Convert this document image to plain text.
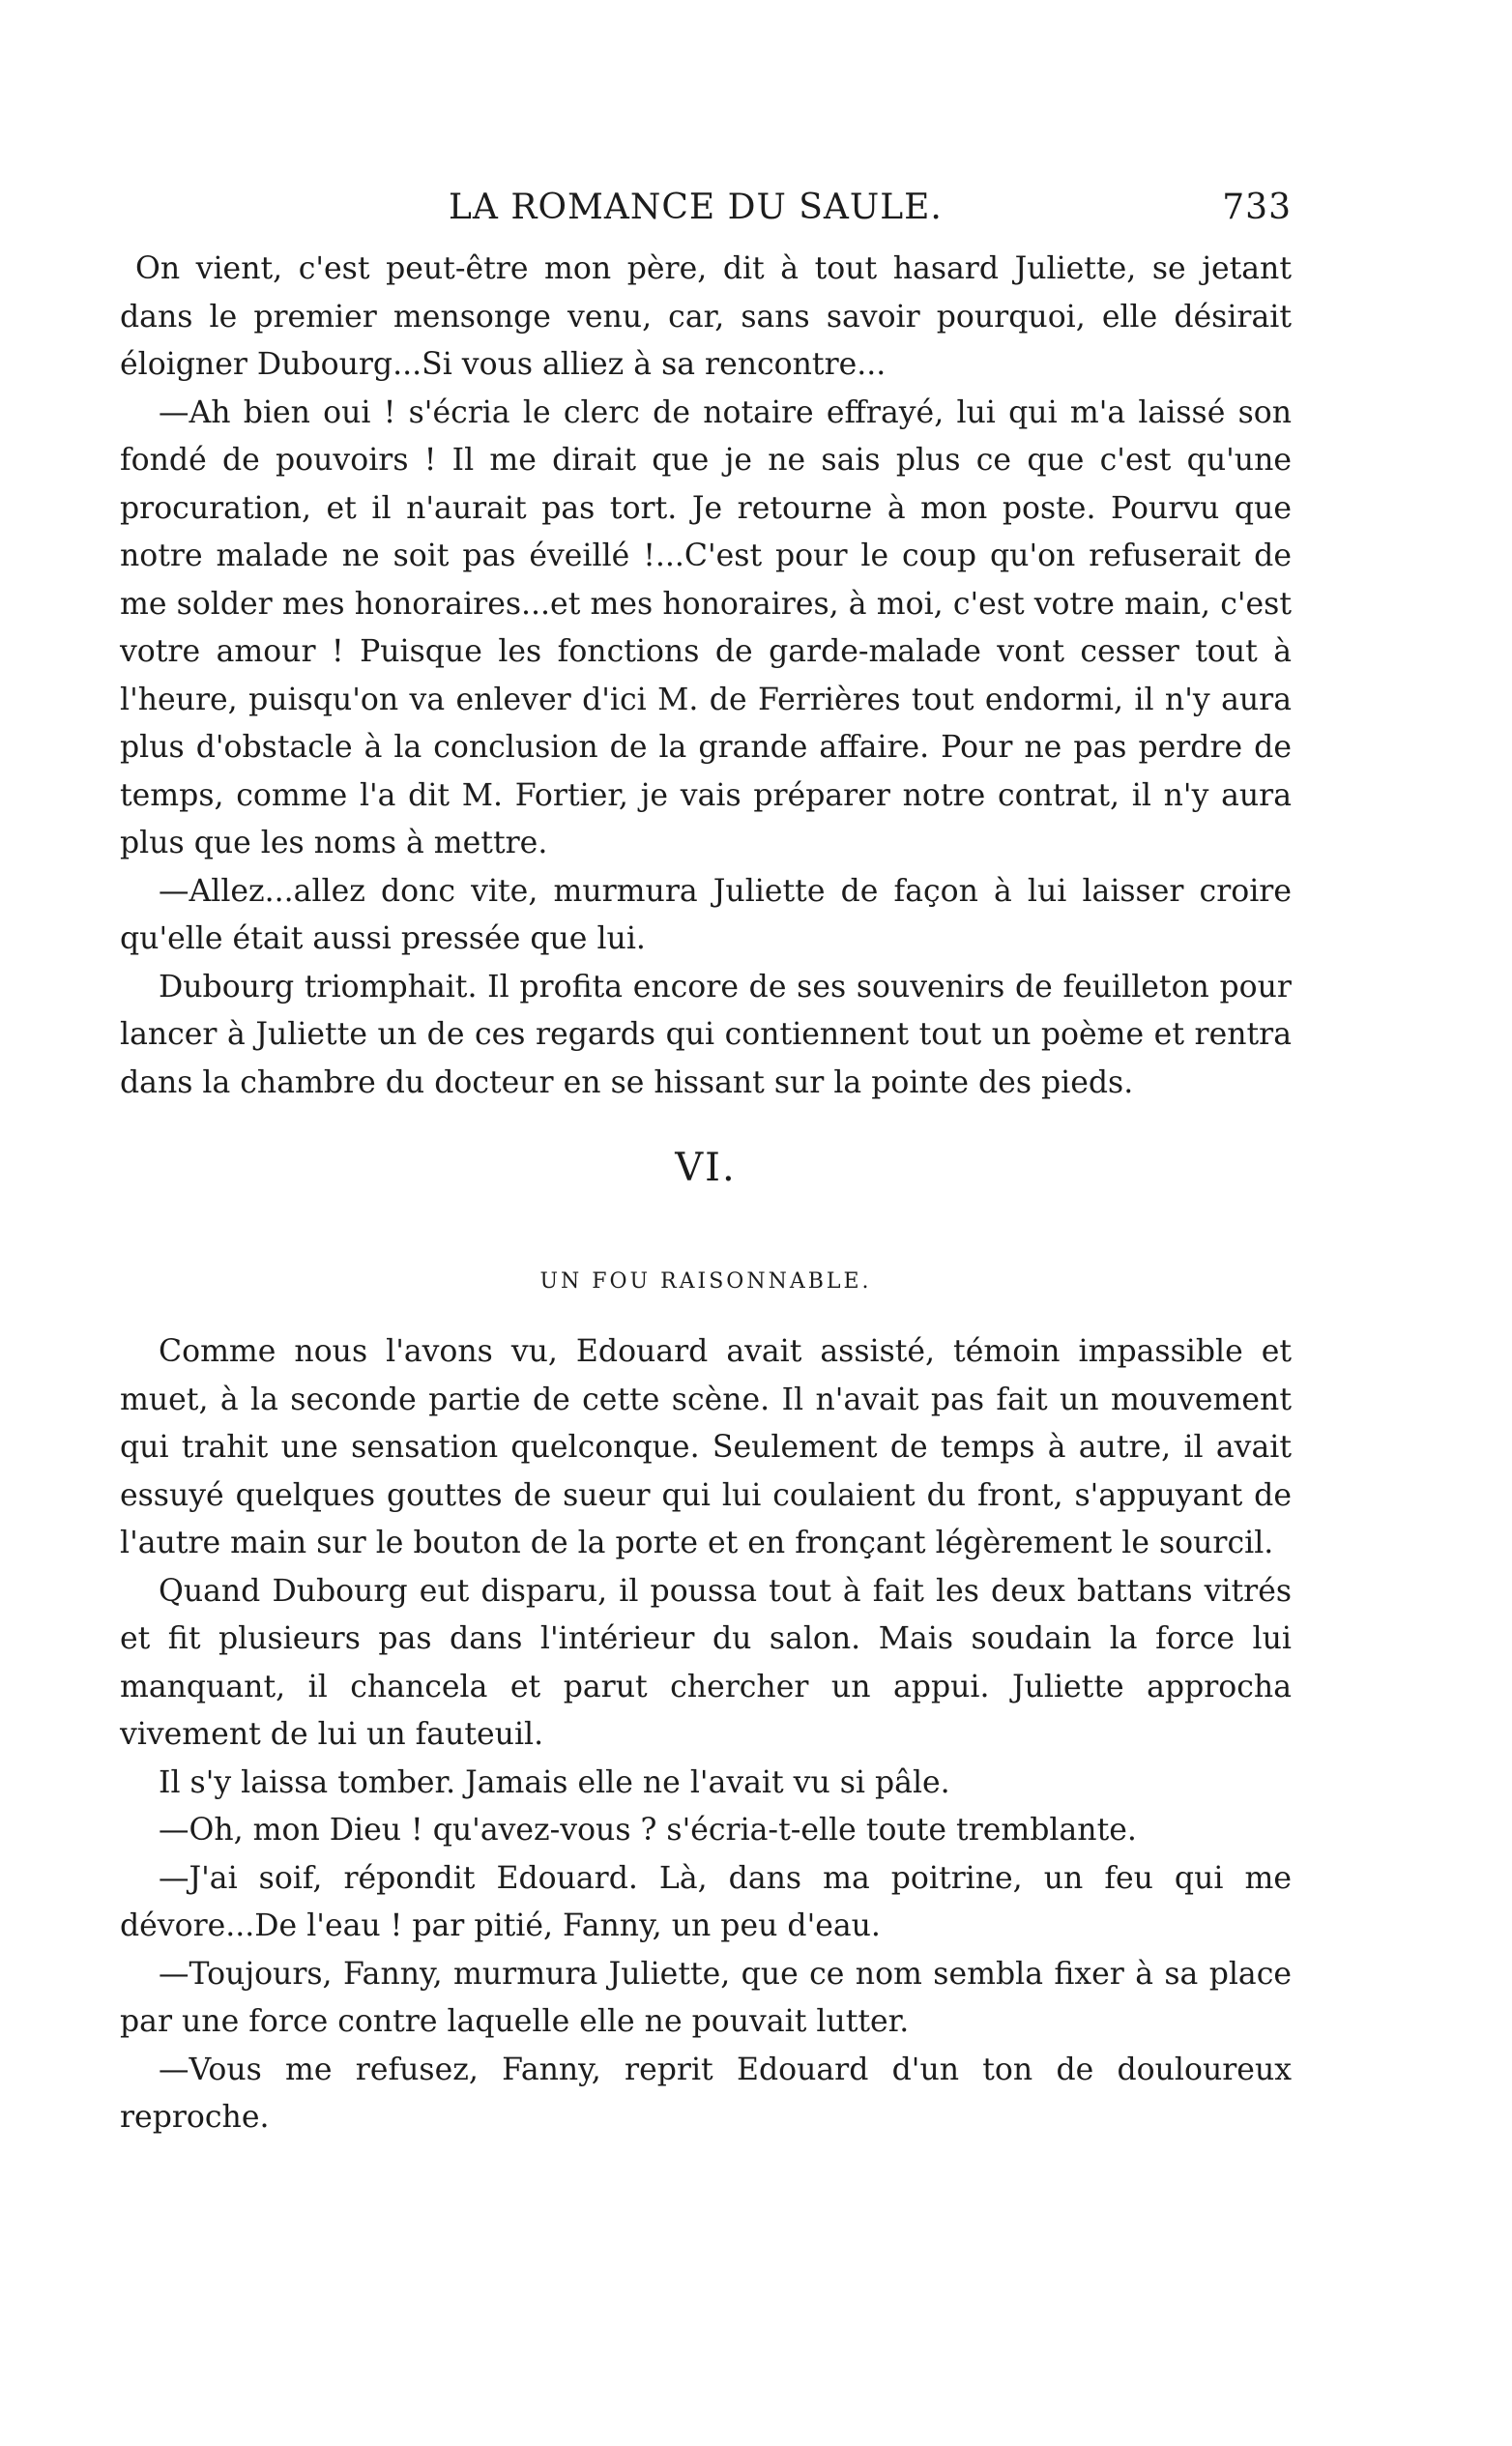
LA ROMANCE DU SAULE.	733

On vient, c'est peut-être mon père, dit à tout hasard Juliette, se jetant dans le premier mensonge venu, car, sans savoir pourquoi, elle désirait éloigner Dubourg...Si vous alliez à sa rencontre...

—Ah bien oui ! s'écria le clerc de notaire effrayé, lui qui m'a laissé son fondé de pouvoirs ! Il me dirait que je ne sais plus ce que c'est qu'une procuration, et il n'aurait pas tort. Je retourne à mon poste. Pourvu que notre malade ne soit pas éveillé !...C'est pour le coup qu'on refuserait de me solder mes honoraires...et mes honoraires, à moi, c'est votre main, c'est votre amour ! Puisque les fonctions de garde-malade vont cesser tout à l'heure, puisqu'on va enlever d'ici M. de Ferrières tout endormi, il n'y aura plus d'obstacle à la conclusion de la grande affaire. Pour ne pas perdre de temps, comme l'a dit M. Fortier, je vais préparer notre contrat, il n'y aura plus que les noms à mettre.

—Allez...allez donc vite, murmura Juliette de façon à lui laisser croire qu'elle était aussi pressée que lui.

Dubourg triomphait. Il profita encore de ses souvenirs de feuilleton pour lancer à Juliette un de ces regards qui contiennent tout un poème et rentra dans la chambre du docteur en se hissant sur la pointe des pieds.

VI.
UN FOU RAISONNABLE.

Comme nous l'avons vu, Edouard avait assisté, témoin impassible et muet, à la seconde partie de cette scène. Il n'avait pas fait un mouvement qui trahit une sensation quelconque. Seulement de temps à autre, il avait essuyé quelques gouttes de sueur qui lui coulaient du front, s'appuyant de l'autre main sur le bouton de la porte et en fronçant légèrement le sourcil.

Quand Dubourg eut disparu, il poussa tout à fait les deux battans vitrés et fit plusieurs pas dans l'intérieur du salon. Mais soudain la force lui manquant, il chancela et parut chercher un appui. Juliette approcha vivement de lui un fauteuil.

Il s'y laissa tomber. Jamais elle ne l'avait vu si pâle.

—Oh, mon Dieu ! qu'avez-vous ? s'écria-t-elle toute tremblante.

—J'ai soif, répondit Edouard. Là, dans ma poitrine, un feu qui me dévore...De l'eau ! par pitié, Fanny, un peu d'eau.

—Toujours, Fanny, murmura Juliette, que ce nom sembla fixer à sa place par une force contre laquelle elle ne pouvait lutter.

—Vous me refusez, Fanny, reprit Edouard d'un ton de douloureux reproche.
